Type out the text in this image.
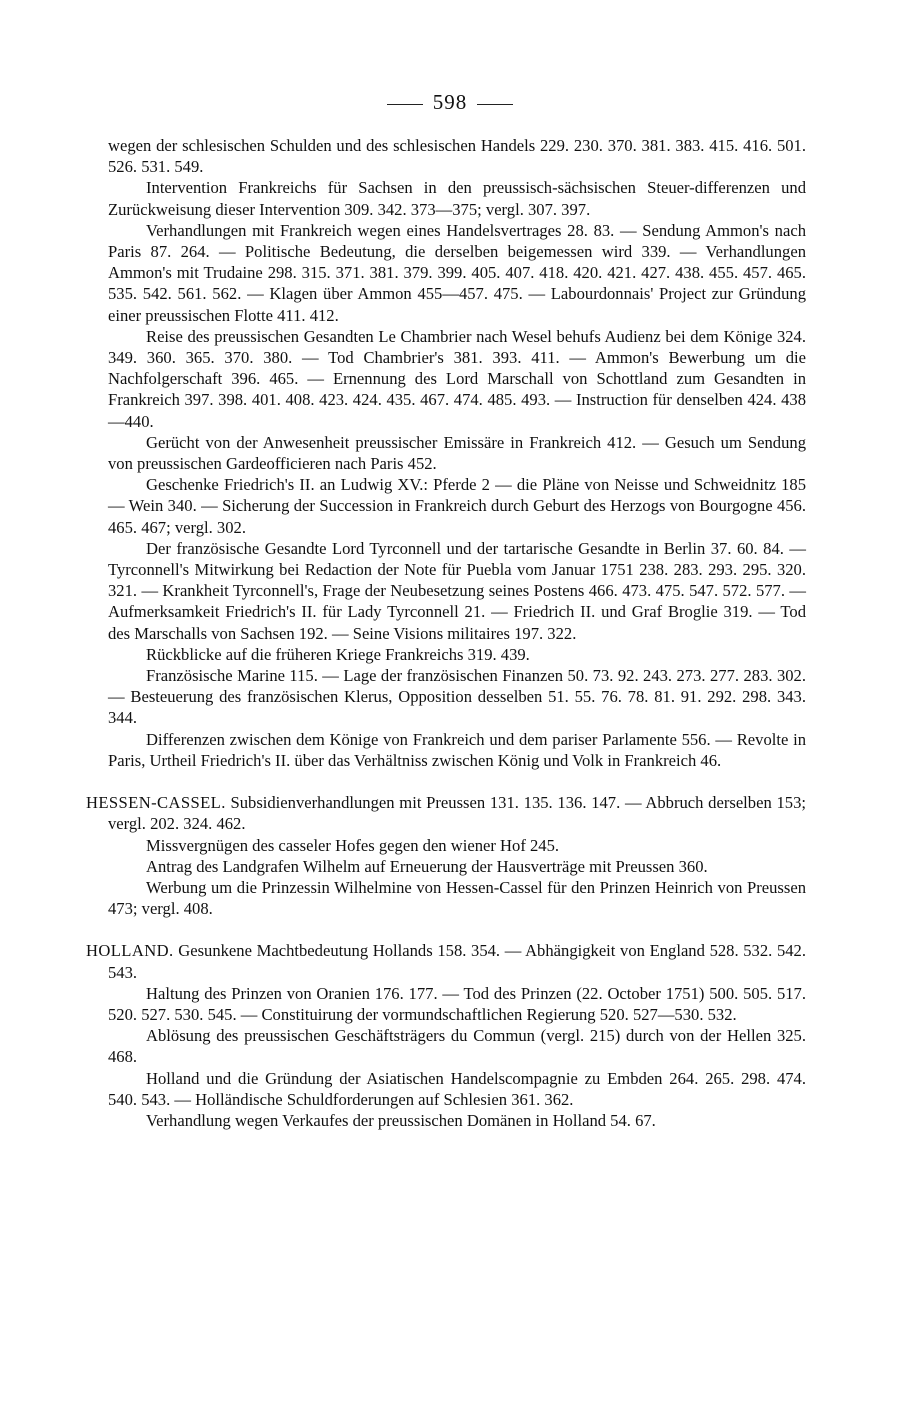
598

wegen der schlesischen Schulden und des schlesischen Handels 229. 230. 370. 381. 383. 415. 416. 501. 526. 531. 549.

Intervention Frankreichs für Sachsen in den preussisch-sächsischen Steuer-differenzen und Zurückweisung dieser Intervention 309. 342. 373—375; vergl. 307. 397.

Verhandlungen mit Frankreich wegen eines Handelsvertrages 28. 83. — Sendung Ammon's nach Paris 87. 264. — Politische Bedeutung, die derselben beigemessen wird 339. — Verhandlungen Ammon's mit Trudaine 298. 315. 371. 381. 379. 399. 405. 407. 418. 420. 421. 427. 438. 455. 457. 465. 535. 542. 561. 562. — Klagen über Ammon 455—457. 475. — Labourdonnais' Project zur Gründung einer preussischen Flotte 411. 412.

Reise des preussischen Gesandten Le Chambrier nach Wesel behufs Audienz bei dem Könige 324. 349. 360. 365. 370. 380. — Tod Chambrier's 381. 393. 411. — Ammon's Bewerbung um die Nachfolgerschaft 396. 465. — Ernennung des Lord Marschall von Schottland zum Gesandten in Frankreich 397. 398. 401. 408. 423. 424. 435. 467. 474. 485. 493. — Instruction für denselben 424. 438—440.

Gerücht von der Anwesenheit preussischer Emissäre in Frankreich 412. — Gesuch um Sendung von preussischen Gardeofficieren nach Paris 452.

Geschenke Friedrich's II. an Ludwig XV.: Pferde 2 — die Pläne von Neisse und Schweidnitz 185 — Wein 340. — Sicherung der Succession in Frankreich durch Geburt des Herzogs von Bourgogne 456. 465. 467; vergl. 302.

Der französische Gesandte Lord Tyrconnell und der tartarische Gesandte in Berlin 37. 60. 84. — Tyrconnell's Mitwirkung bei Redaction der Note für Puebla vom Januar 1751 238. 283. 293. 295. 320. 321. — Krankheit Tyrconnell's, Frage der Neubesetzung seines Postens 466. 473. 475. 547. 572. 577. — Aufmerksamkeit Friedrich's II. für Lady Tyrconnell 21. — Friedrich II. und Graf Broglie 319. — Tod des Marschalls von Sachsen 192. — Seine Visions militaires 197. 322.

Rückblicke auf die früheren Kriege Frankreichs 319. 439.

Französische Marine 115. — Lage der französischen Finanzen 50. 73. 92. 243. 273. 277. 283. 302. — Besteuerung des französischen Klerus, Opposition desselben 51. 55. 76. 78. 81. 91. 292. 298. 343. 344.

Differenzen zwischen dem Könige von Frankreich und dem pariser Parlamente 556. — Revolte in Paris, Urtheil Friedrich's II. über das Verhältniss zwischen König und Volk in Frankreich 46.

HESSEN-CASSEL. Subsidienverhandlungen mit Preussen 131. 135. 136. 147. — Abbruch derselben 153; vergl. 202. 324. 462.

Missvergnügen des casseler Hofes gegen den wiener Hof 245.

Antrag des Landgrafen Wilhelm auf Erneuerung der Hausverträge mit Preussen 360.

Werbung um die Prinzessin Wilhelmine von Hessen-Cassel für den Prinzen Heinrich von Preussen 473; vergl. 408.

HOLLAND. Gesunkene Machtbedeutung Hollands 158. 354. — Abhängigkeit von England 528. 532. 542. 543.

Haltung des Prinzen von Oranien 176. 177. — Tod des Prinzen (22. October 1751) 500. 505. 517. 520. 527. 530. 545. — Constituirung der vormundschaftlichen Regierung 520. 527—530. 532.

Ablösung des preussischen Geschäftsträgers du Commun (vergl. 215) durch von der Hellen 325. 468.

Holland und die Gründung der Asiatischen Handelscompagnie zu Embden 264. 265. 298. 474. 540. 543. — Holländische Schuldforderungen auf Schlesien 361. 362.

Verhandlung wegen Verkaufes der preussischen Domänen in Holland 54. 67.
